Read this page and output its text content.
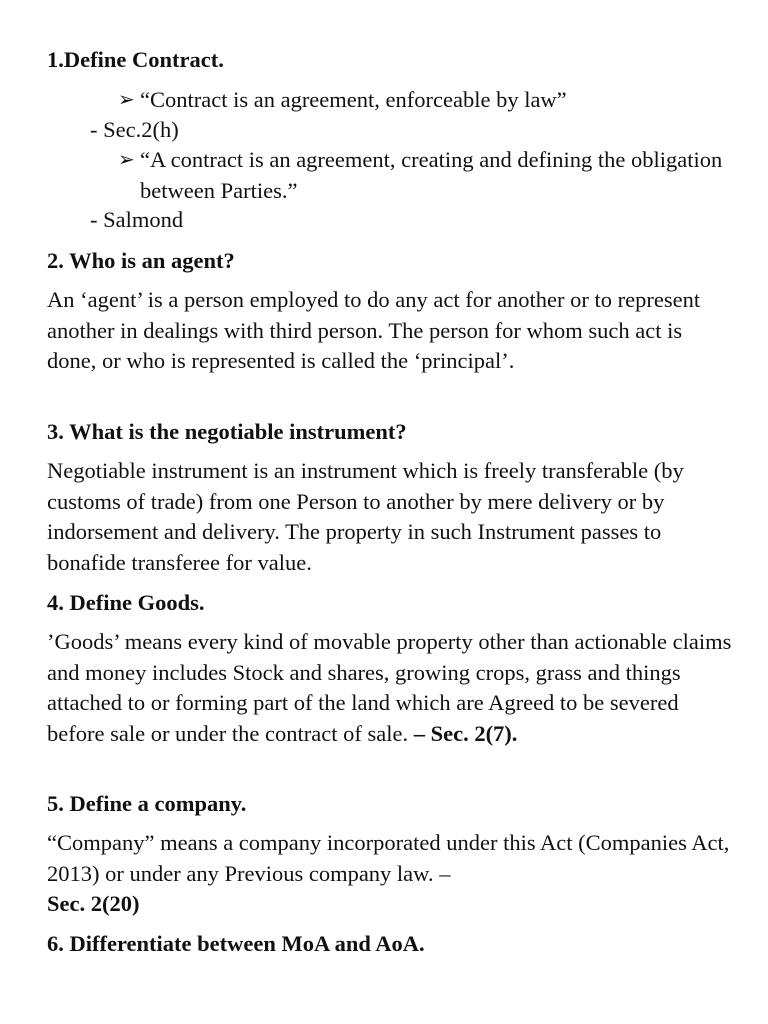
1.Define Contract.
➢ “Contract is an agreement, enforceable by law”
- Sec.2(h)
➢ “A contract is an agreement, creating and defining the obligation between Parties.”
- Salmond
2. Who is an agent?
An ‘agent’ is a person employed to do any act for another or to represent another in dealings with third person. The person for whom such act is done, or who is represented is called the ‘principal’.
3. What is the negotiable instrument?
Negotiable instrument is an instrument which is freely transferable (by customs of trade) from one Person to another by mere delivery or by indorsement and delivery. The property in such Instrument passes to bonafide transferee for value.
4. Define Goods.
’Goods’ means every kind of movable property other than actionable claims and money includes Stock and shares, growing crops, grass and things attached to or forming part of the land which are Agreed to be severed before sale or under the contract of sale. – Sec. 2(7).
5. Define a company.
“Company” means a company incorporated under this Act (Companies Act, 2013) or under any Previous company law. –
Sec. 2(20)
6. Differentiate between MoA and AoA.
